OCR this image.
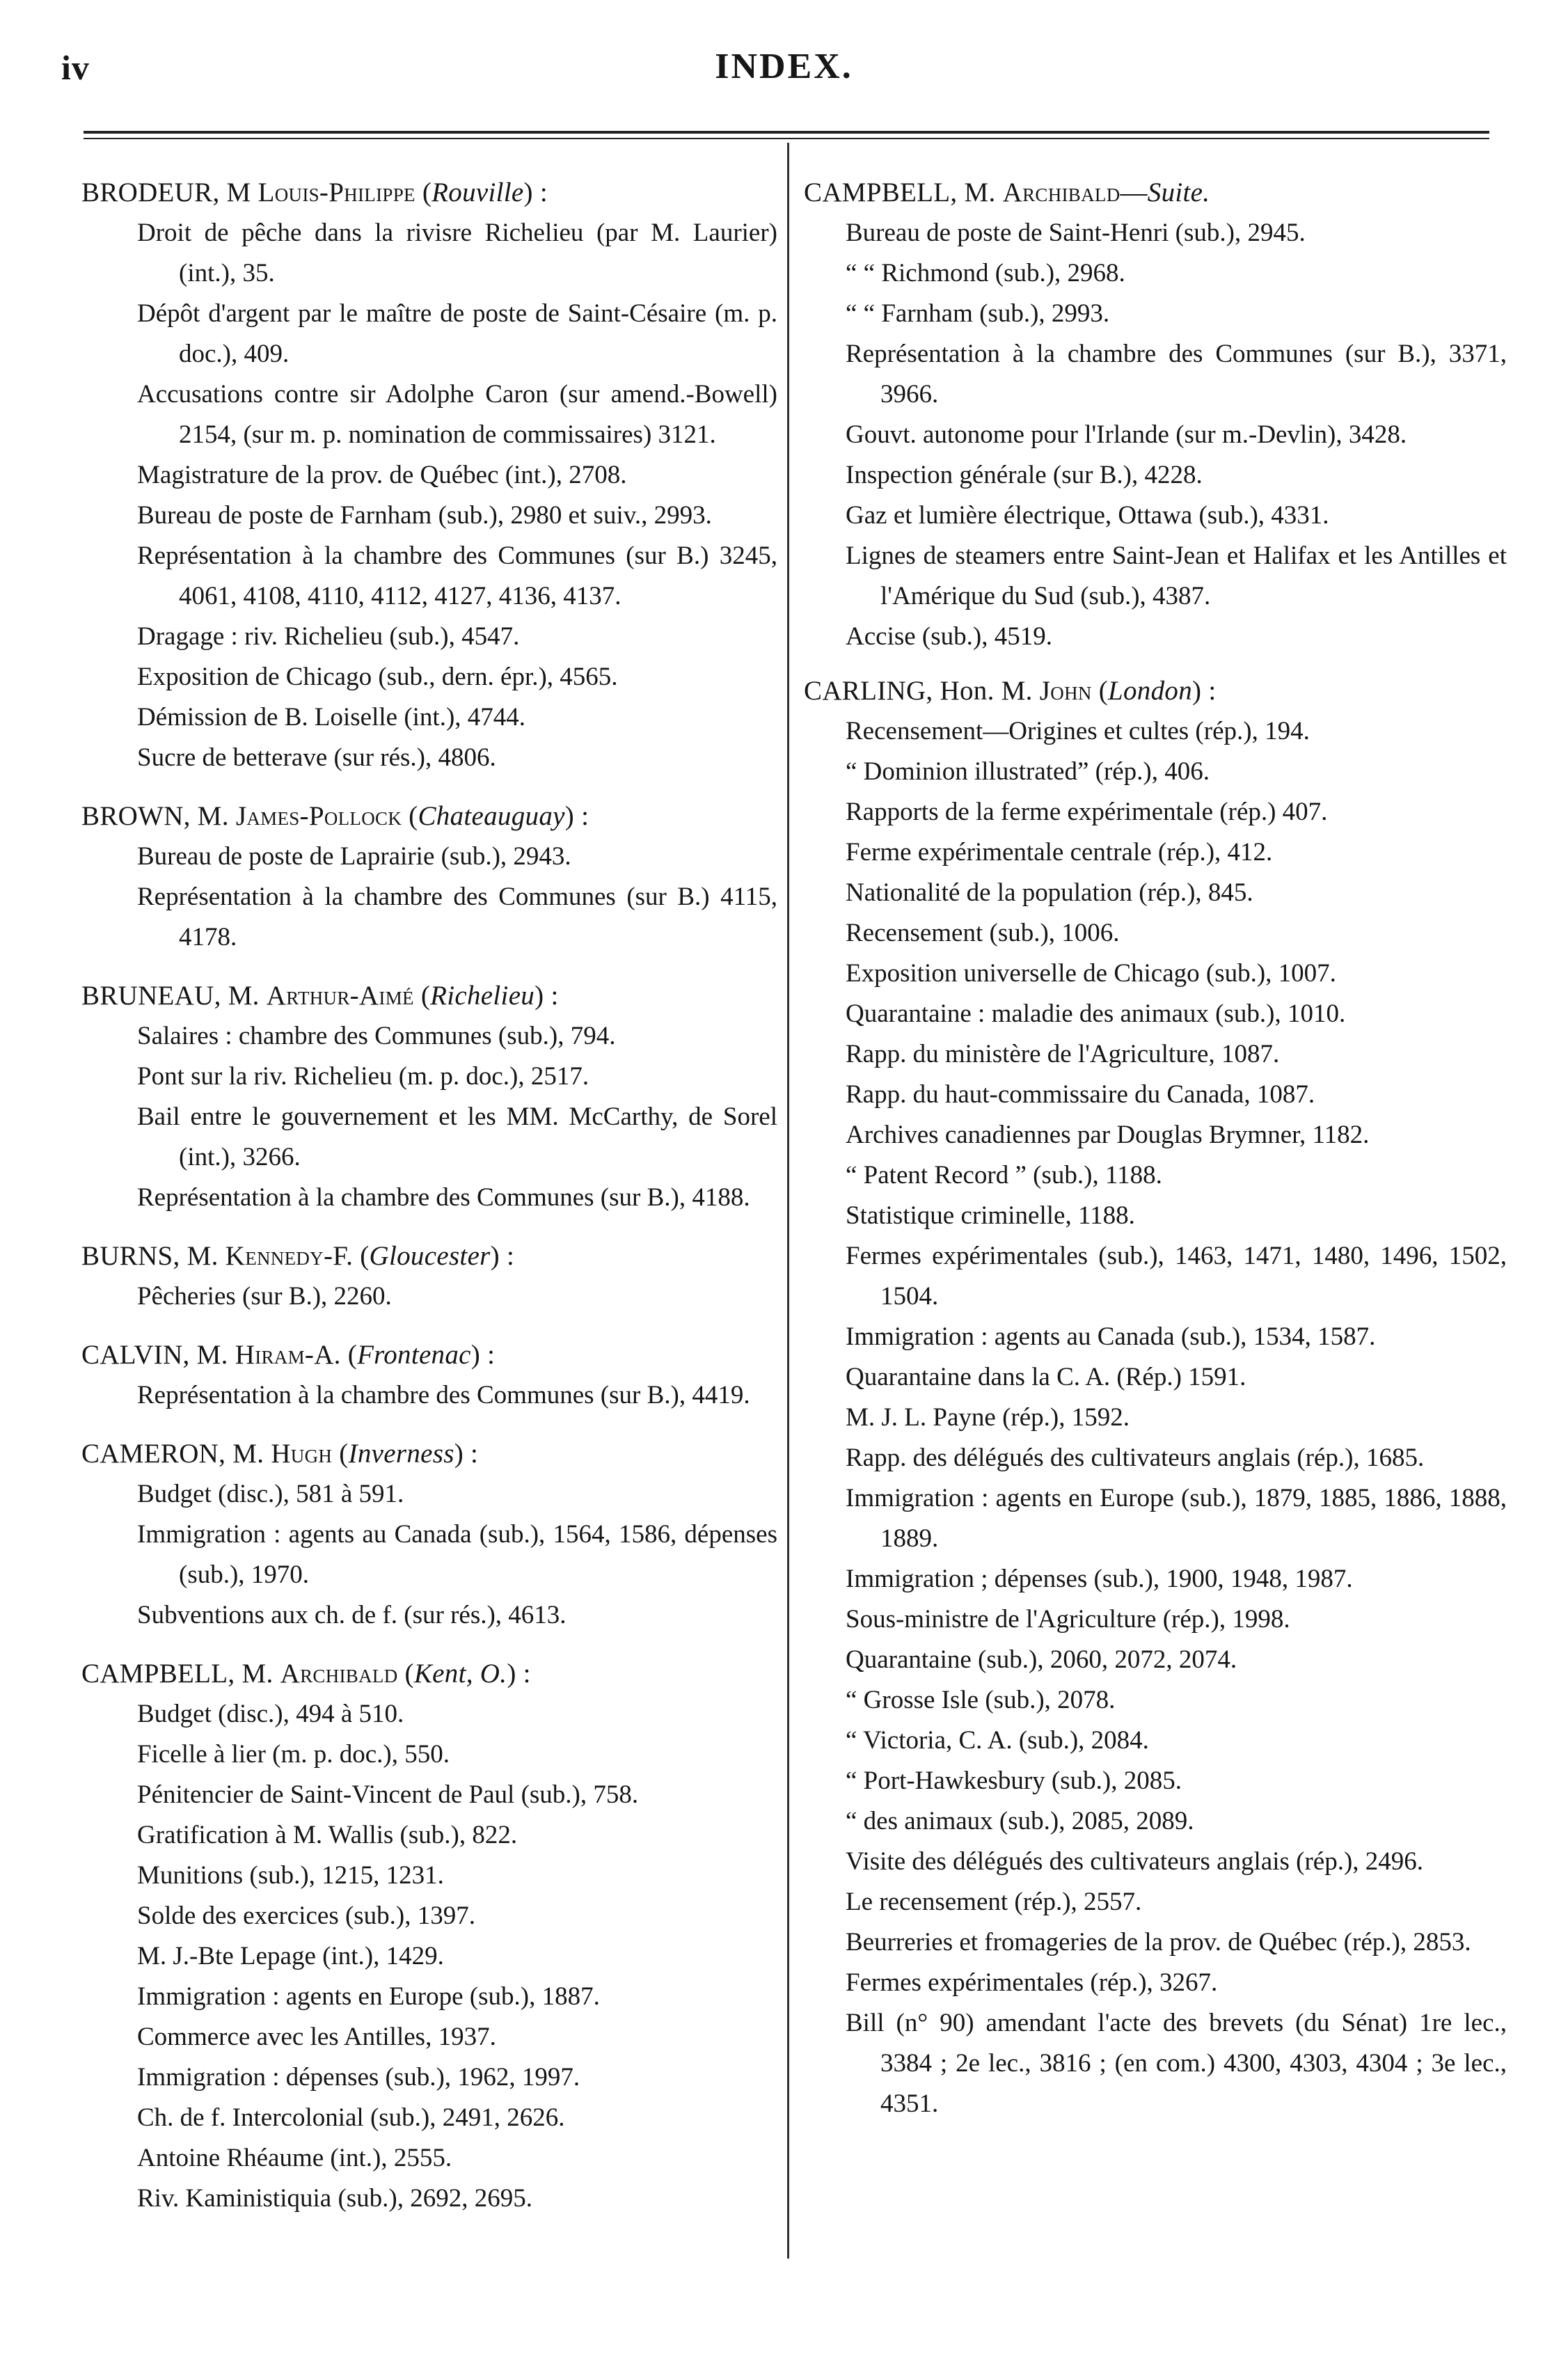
iv	INDEX.
BRODEUR, M Louis-Philippe (Rouville) :
Droit de pêche dans la rivisre Richelieu (par M. Laurier) (int.), 35.
Dépôt d'argent par le maître de poste de Saint-Césaire (m. p. doc.), 409.
Accusations contre sir Adolphe Caron (sur amend.-Bowell) 2154, (sur m. p. nomination de commissaires) 3121.
Magistrature de la prov. de Québec (int.), 2708.
Bureau de poste de Farnham (sub.), 2980 et suiv., 2993.
Représentation à la chambre des Communes (sur B.) 3245, 4061, 4108, 4110, 4112, 4127, 4136, 4137.
Dragage : riv. Richelieu (sub.), 4547.
Exposition de Chicago (sub., dern. épr.), 4565.
Démission de B. Loiselle (int.), 4744.
Sucre de betterave (sur rés.), 4806.
BROWN, M. James-Pollock (Chateauguay) :
Bureau de poste de Laprairie (sub.), 2943.
Représentation à la chambre des Communes (sur B.) 4115, 4178.
BRUNEAU, M. Arthur-Aimé (Richelieu) :
Salaires : chambre des Communes (sub.), 794.
Pont sur la riv. Richelieu (m. p. doc.), 2517.
Bail entre le gouvernement et les MM. McCarthy, de Sorel (int.), 3266.
Représentation à la chambre des Communes (sur B.), 4188.
BURNS, M. Kennedy-F. (Gloucester) :
Pêcheries (sur B.), 2260.
CALVIN, M. Hiram-A. (Frontenac) :
Représentation à la chambre des Communes (sur B.), 4419.
CAMERON, M. Hugh (Inverness) :
Budget (disc.), 581 à 591.
Immigration : agents au Canada (sub.), 1564, 1586, dépenses (sub.), 1970.
Subventions aux ch. de f. (sur rés.), 4613.
CAMPBELL, M. Archibald (Kent, O.) :
Budget (disc.), 494 à 510.
Ficelle à lier (m. p. doc.), 550.
Pénitencier de Saint-Vincent de Paul (sub.), 758.
Gratification à M. Wallis (sub.), 822.
Munitions (sub.), 1215, 1231.
Solde des exercices (sub.), 1397.
M. J.-Bte Lepage (int.), 1429.
Immigration : agents en Europe (sub.), 1887.
Commerce avec les Antilles, 1937.
Immigration : dépenses (sub.), 1962, 1997.
Ch. de f. Intercolonial (sub.), 2491, 2626.
Antoine Rhéaume (int.), 2555.
Riv. Kaministiquia (sub.), 2692, 2695.
CAMPBELL, M. Archibald—Suite.
Bureau de poste de Saint-Henri (sub.), 2945.
“ “ Richmond (sub.), 2968.
“ “ Farnham (sub.), 2993.
Représentation à la chambre des Communes (sur B.), 3371, 3966.
Gouvt. autonome pour l'Irlande (sur m.-Devlin), 3428.
Inspection générale (sur B.), 4228.
Gaz et lumière électrique, Ottawa (sub.), 4331.
Lignes de steamers entre Saint-Jean et Halifax et les Antilles et l'Amérique du Sud (sub.), 4387.
Accise (sub.), 4519.
CARLING, Hon. M. John (London) :
Recensement—Origines et cultes (rép.), 194.
“ Dominion illustrated” (rép.), 406.
Rapports de la ferme expérimentale (rép.) 407.
Ferme expérimentale centrale (rép.), 412.
Nationalité de la population (rép.), 845.
Recensement (sub.), 1006.
Exposition universelle de Chicago (sub.), 1007.
Quarantaine : maladie des animaux (sub.), 1010.
Rapp. du ministère de l'Agriculture, 1087.
Rapp. du haut-commissaire du Canada, 1087.
Archives canadiennes par Douglas Brymner, 1182.
“ Patent Record ” (sub.), 1188.
Statistique criminelle, 1188.
Fermes expérimentales (sub.), 1463, 1471, 1480, 1496, 1502, 1504.
Immigration : agents au Canada (sub.), 1534, 1587.
Quarantaine dans la C. A. (Rép.) 1591.
M. J. L. Payne (rép.), 1592.
Rapp. des délégués des cultivateurs anglais (rép.), 1685.
Immigration : agents en Europe (sub.), 1879, 1885, 1886, 1888, 1889.
Immigration ; dépenses (sub.), 1900, 1948, 1987.
Sous-ministre de l'Agriculture (rép.), 1998.
Quarantaine (sub.), 2060, 2072, 2074.
“ Grosse Isle (sub.), 2078.
“ Victoria, C. A. (sub.), 2084.
“ Port-Hawkesbury (sub.), 2085.
“ des animaux (sub.), 2085, 2089.
Visite des délégués des cultivateurs anglais (rép.), 2496.
Le recensement (rép.), 2557.
Beurreries et fromageries de la prov. de Québec (rép.), 2853.
Fermes expérimentales (rép.), 3267.
Bill (n° 90) amendant l'acte des brevets (du Sénat) 1re lec., 3384 ; 2e lec., 3816 ; (en com.) 4300, 4303, 4304 ; 3e lec., 4351.
